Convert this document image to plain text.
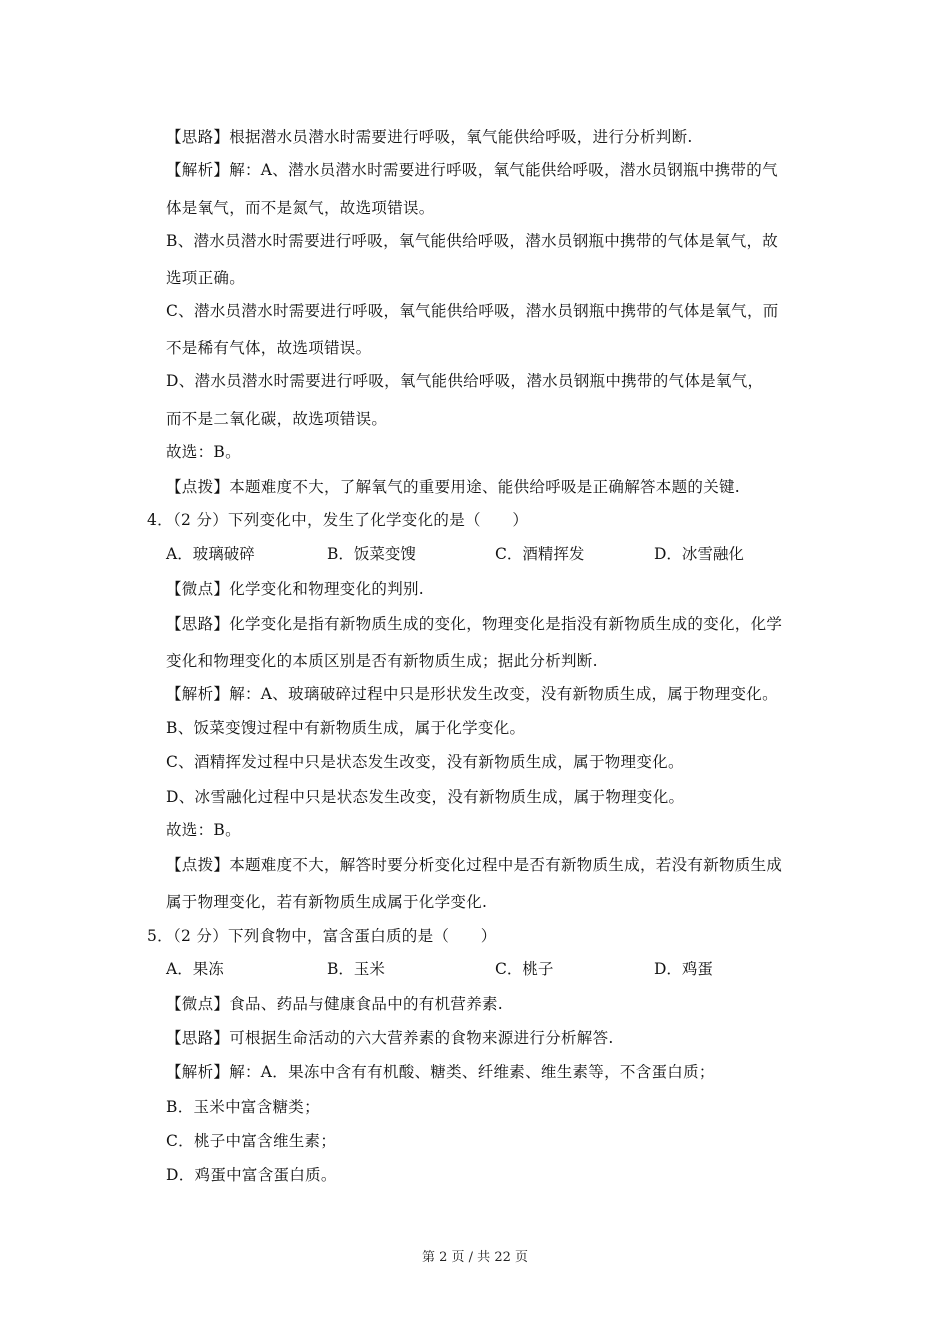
【思路】根据潜水员潜水时需要进行呼吸，氧气能供给呼吸，进行分析判断.
【解析】解：A、潜水员潜水时需要进行呼吸，氧气能供给呼吸，潜水员钢瓶中携带的气
体是氧气，而不是氮气，故选项错误。
B、潜水员潜水时需要进行呼吸，氧气能供给呼吸，潜水员钢瓶中携带的气体是氧气，故
选项正确。
C、潜水员潜水时需要进行呼吸，氧气能供给呼吸，潜水员钢瓶中携带的气体是氧气，而
不是稀有气体，故选项错误。
D、潜水员潜水时需要进行呼吸，氧气能供给呼吸，潜水员钢瓶中携带的气体是氧气，
而不是二氧化碳，故选项错误。
故选：B。
【点拨】本题难度不大，了解氧气的重要用途、能供给呼吸是正确解答本题的关键.
4．（2 分）下列变化中，发生了化学变化的是（　　）
A．玻璃破碎	B．饭菜变馊	C．酒精挥发	D．冰雪融化
【微点】化学变化和物理变化的判别.
【思路】化学变化是指有新物质生成的变化，物理变化是指没有新物质生成的变化，化学
变化和物理变化的本质区别是否有新物质生成；据此分析判断.
【解析】解：A、玻璃破碎过程中只是形状发生改变，没有新物质生成，属于物理变化。
B、饭菜变馊过程中有新物质生成，属于化学变化。
C、酒精挥发过程中只是状态发生改变，没有新物质生成，属于物理变化。
D、冰雪融化过程中只是状态发生改变，没有新物质生成，属于物理变化。
故选：B。
【点拨】本题难度不大，解答时要分析变化过程中是否有新物质生成，若没有新物质生成
属于物理变化，若有新物质生成属于化学变化.
5．（2 分）下列食物中，富含蛋白质的是（　　）
A．果冻	B．玉米	C．桃子	D．鸡蛋
【微点】食品、药品与健康食品中的有机营养素.
【思路】可根据生命活动的六大营养素的食物来源进行分析解答.
【解析】解：A．果冻中含有有机酸、糖类、纤维素、维生素等，不含蛋白质；
B．玉米中富含糖类；
C．桃子中富含维生素；
D．鸡蛋中富含蛋白质。
第 2 页 / 共 22 页
